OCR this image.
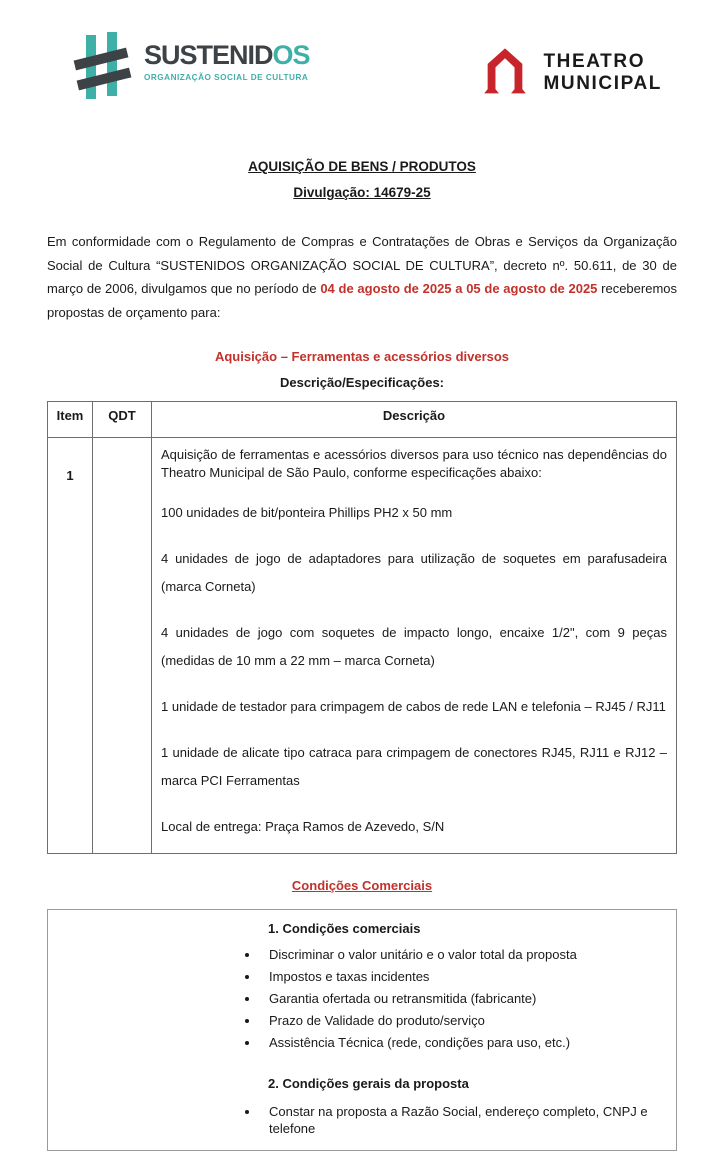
SUSTENIDOS
ORGANIZAÇÃO SOCIAL DE CULTURA
THEATRO
MUNICIPAL
AQUISIÇÃO DE BENS / PRODUTOS
Divulgação: 14679-25

Em conformidade com o Regulamento de Compras e Contratações de Obras e Serviços da Organização Social de Cultura “SUSTENIDOS ORGANIZAÇÃO SOCIAL DE CULTURA”, decreto nº. 50.611, de 30 de março de 2006, divulgamos que no período de 04 de agosto de 2025 a 05 de agosto de 2025 receberemos propostas de orçamento para:

Aquisição – Ferramentas e acessórios diversos
Descrição/Especificações:
Item	QDT	Descrição
1		

Aquisição de ferramentas e acessórios diversos para uso técnico nas dependências do Theatro Municipal de São Paulo, conforme especificações abaixo:

100 unidades de bit/ponteira Phillips PH2 x 50 mm

4 unidades de jogo de adaptadores para utilização de soquetes em parafusadeira (marca Corneta)

4 unidades de jogo com soquetes de impacto longo, encaixe 1/2", com 9 peças (medidas de 10 mm a 22 mm – marca Corneta)

1 unidade de testador para crimpagem de cabos de rede LAN e telefonia – RJ45 / RJ11

1 unidade de alicate tipo catraca para crimpagem de conectores RJ45, RJ11 e RJ12 – marca PCI Ferramentas

Local de entrega: Praça Ramos de Azevedo, S/N

Condições Comerciais
1. Condições comerciais
• Discriminar o valor unitário e o valor total da proposta
• Impostos e taxas incidentes
• Garantia ofertada ou retransmitida (fabricante)
• Prazo de Validade do produto/serviço
• Assistência Técnica (rede, condições para uso, etc.)
2. Condições gerais da proposta
• Constar na proposta a Razão Social, endereço completo, CNPJ e telefone
